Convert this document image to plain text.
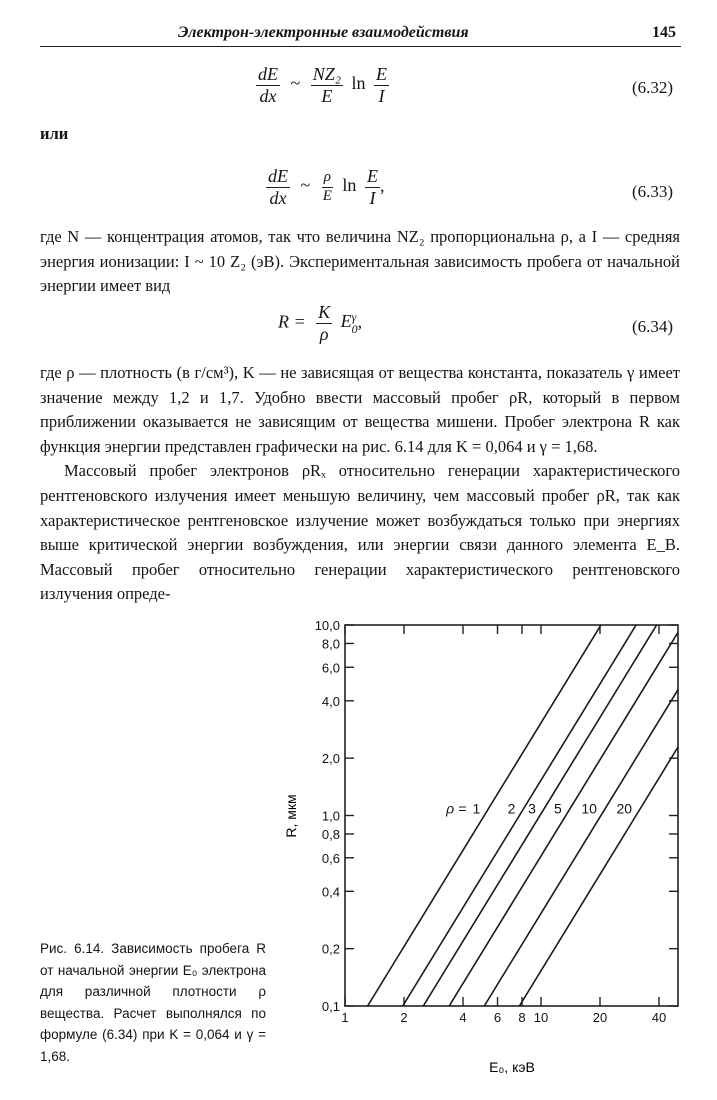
Электрон-электронные взаимодействия	145
$\frac{dE}{dx}$ ~ $\frac{\text{NZ₂}}{E}$ $\ln \frac{E}{I}$	(6.32)
или
$\frac{dE}{dx}$ ~ $\frac{\rho}{E}$ $\ln \frac{E}{I}$ ,	(6.33)

где N — концентрация атомов, так что величина NZ₂ пропорциональна ρ, а I — средняя энергия ионизации: I ~ 10 Z₂ (эВ). Экспериментальная зависимость пробега от начальной энергии имеет вид

$R = \frac{K}{\rho}$ E γ
0 ,	(6.34)

где ρ — плотность (в г/см³), K — не зависящая от вещества константа, показатель γ имеет значение между 1,2 и 1,7. Удобно ввести массовый пробег ρR, который в первом приближении оказывается не зависящим от вещества мишени. Пробег электрона R как функция энергии представлен графически на рис. 6.14 для K = 0,064 и γ = 1,68.

Массовый пробег электронов ρRₓ относительно генерации характеристического рентгеновского излучения имеет меньшую величину, чем массовый пробег ρR, так как характеристическое рентгеновское излучение может возбуждаться только при энергиях выше критической энергии возбуждения, или энергии связи данного элемента E_B. Массовый пробег относительно генерации характеристического рентгеновского излучения опреде-

Рис. 6.14. Зависимость пробега R от начальной энергии E₀ электрона для различной плотности ρ вещества. Расчет выполнялся по формуле (6.34) при K = 0,064 и γ = 1,68.

0,1
0,2
0,4
0,6
0,8
1,0
2,0
4,0
6,0
8,0
10,0
1	2	4 6 8 10	20	40
1
ρ =	2 3 5 10 20
R, мкм
E₀, кэВ
